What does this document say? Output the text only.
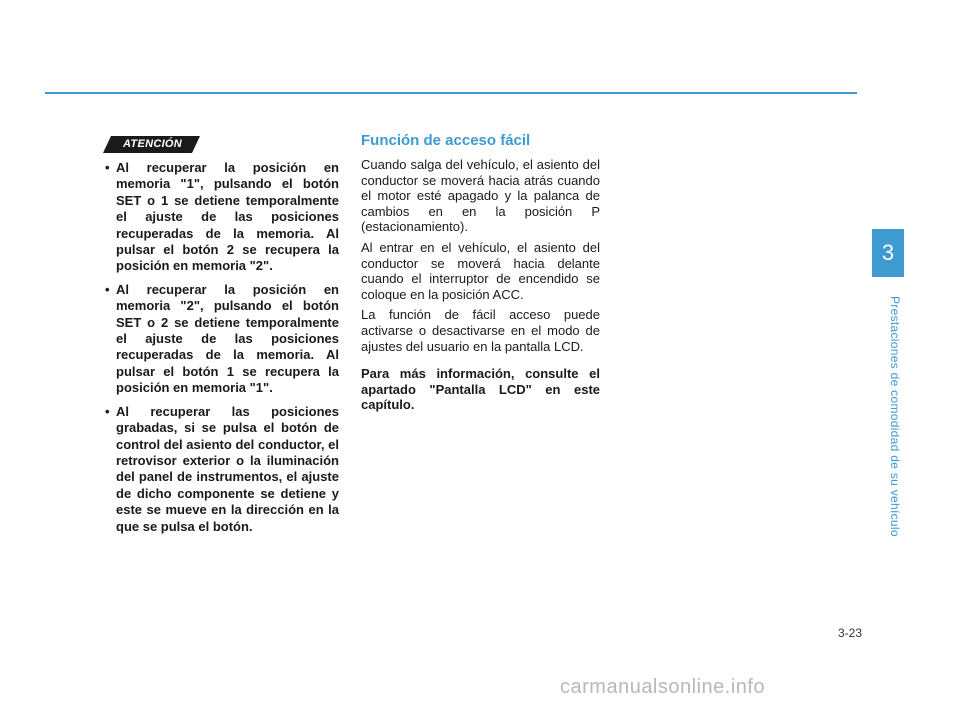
ATENCIÓN
• Al recuperar la posición en memoria "1", pulsando el botón SET o 1 se detiene temporalmente el ajuste de las posiciones recuperadas de la memoria. Al pulsar el botón 2 se recupera la posición en memoria "2".
• Al recuperar la posición en memoria "2", pulsando el botón SET o 2 se detiene temporalmente el ajuste de las posiciones recuperadas de la memoria. Al pulsar el botón 1 se recupera la posición en memoria "1".
• Al recuperar las posiciones grabadas, si se pulsa el botón de control del asiento del conductor, el retrovisor exterior o la iluminación del panel de instrumentos, el ajuste de dicho componente se detiene y este se mueve en la dirección en la que se pulsa el botón.
Función de acceso fácil

Cuando salga del vehículo, el asiento del conductor se moverá hacia atrás cuando el motor esté apagado y la palanca de cambios en en la posición P (estacionamiento).

Al entrar en el vehículo, el asiento del conductor se moverá hacia delante cuando el interruptor de encendido se coloque en la posición ACC.

La función de fácil acceso puede activarse o desactivarse en el modo de ajustes del usuario en la pantalla LCD.

Para más información, consulte el apartado "Pantalla LCD" en este capítulo.

3
Prestaciones de comodidad de su vehículo
3-23
carmanualsonline.info
